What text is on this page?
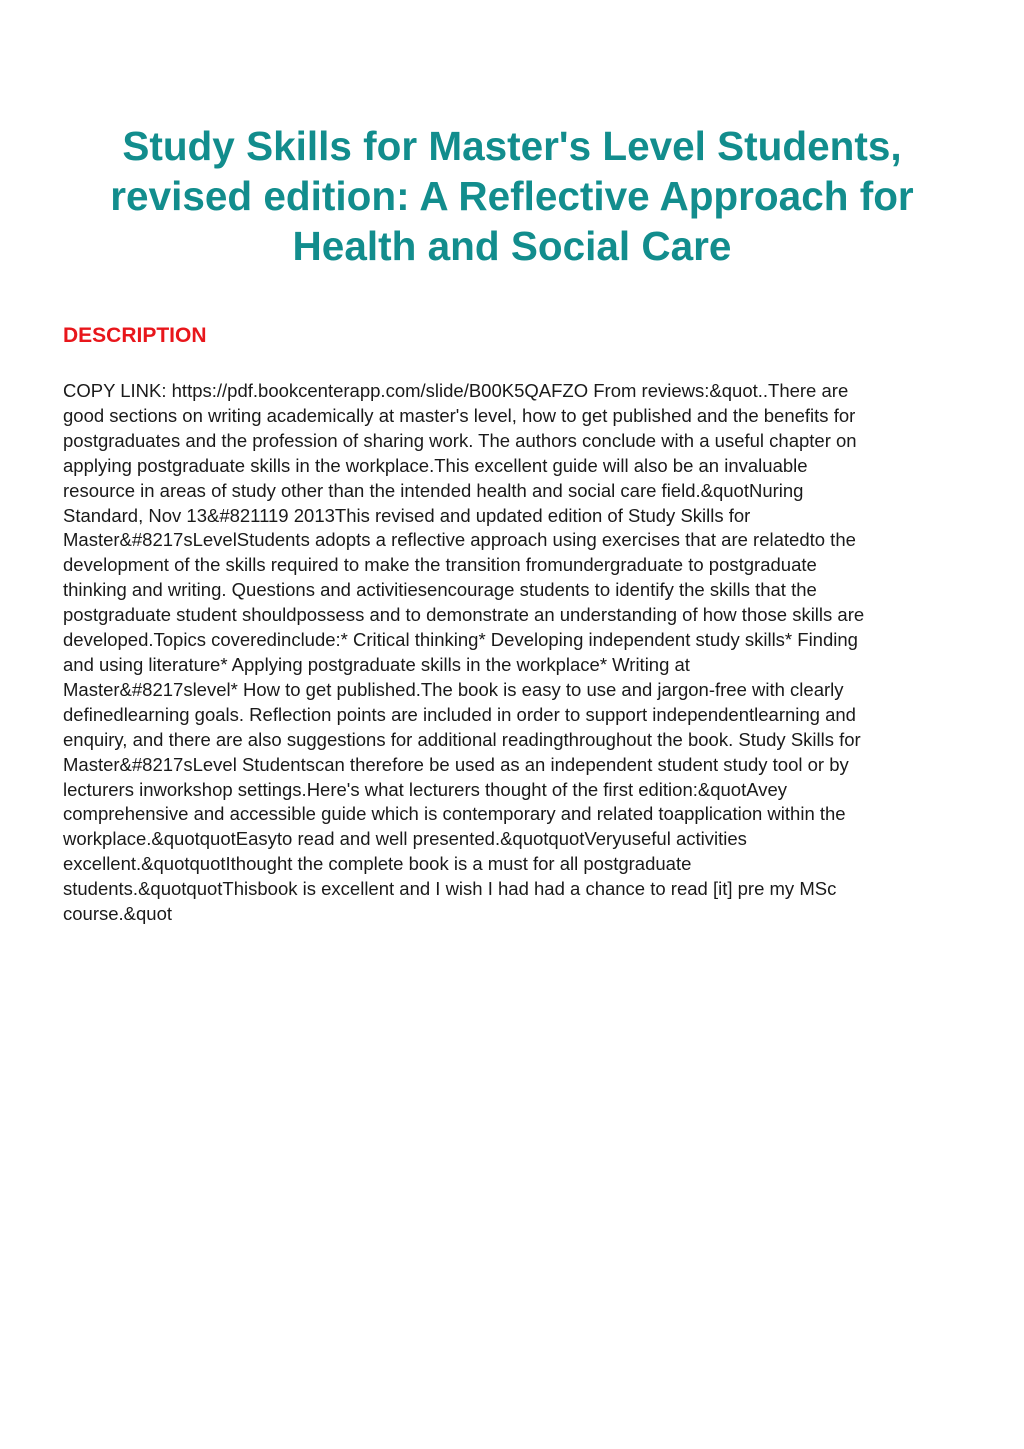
Study Skills for Master's Level Students,
revised edition: A Reflective Approach for
Health and Social Care
DESCRIPTION
COPY LINK: https://pdf.bookcenterapp.com/slide/B00K5QAFZO From reviews:&quot..There are
good sections on writing academically at master's level, how to get published and the benefits for
postgraduates and the profession of sharing work. The authors conclude with a useful chapter on
applying postgraduate skills in the workplace.This excellent guide will also be an invaluable
resource in areas of study other than the intended health and social care field.&quotNuring
Standard, Nov 13&#821119 2013This revised and updated edition of Study Skills for
Master&#8217sLevelStudents adopts a reflective approach using exercises that are relatedto the
development of the skills required to make the transition fromundergraduate to postgraduate
thinking and writing. Questions and activitiesencourage students to identify the skills that the
postgraduate student shouldpossess and to demonstrate an understanding of how those skills are
developed.Topics coveredinclude:* Critical thinking* Developing independent study skills* Finding
and using literature* Applying postgraduate skills in the workplace* Writing at
Master&#8217slevel* How to get published.The book is easy to use and jargon-free with clearly
definedlearning goals. Reflection points are included in order to support independentlearning and
enquiry, and there are also suggestions for additional readingthroughout the book. Study Skills for
Master&#8217sLevel Studentscan therefore be used as an independent student study tool or by
lecturers inworkshop settings.Here's what lecturers thought of the first edition:&quotAvey
comprehensive and accessible guide which is contemporary and related toapplication within the
workplace.&quotquotEasyto read and well presented.&quotquotVeryuseful activities
excellent.&quotquotIthought the complete book is a must for all postgraduate
students.&quotquotThisbook is excellent and I wish I had had a chance to read [it] pre my MSc
course.&quot
